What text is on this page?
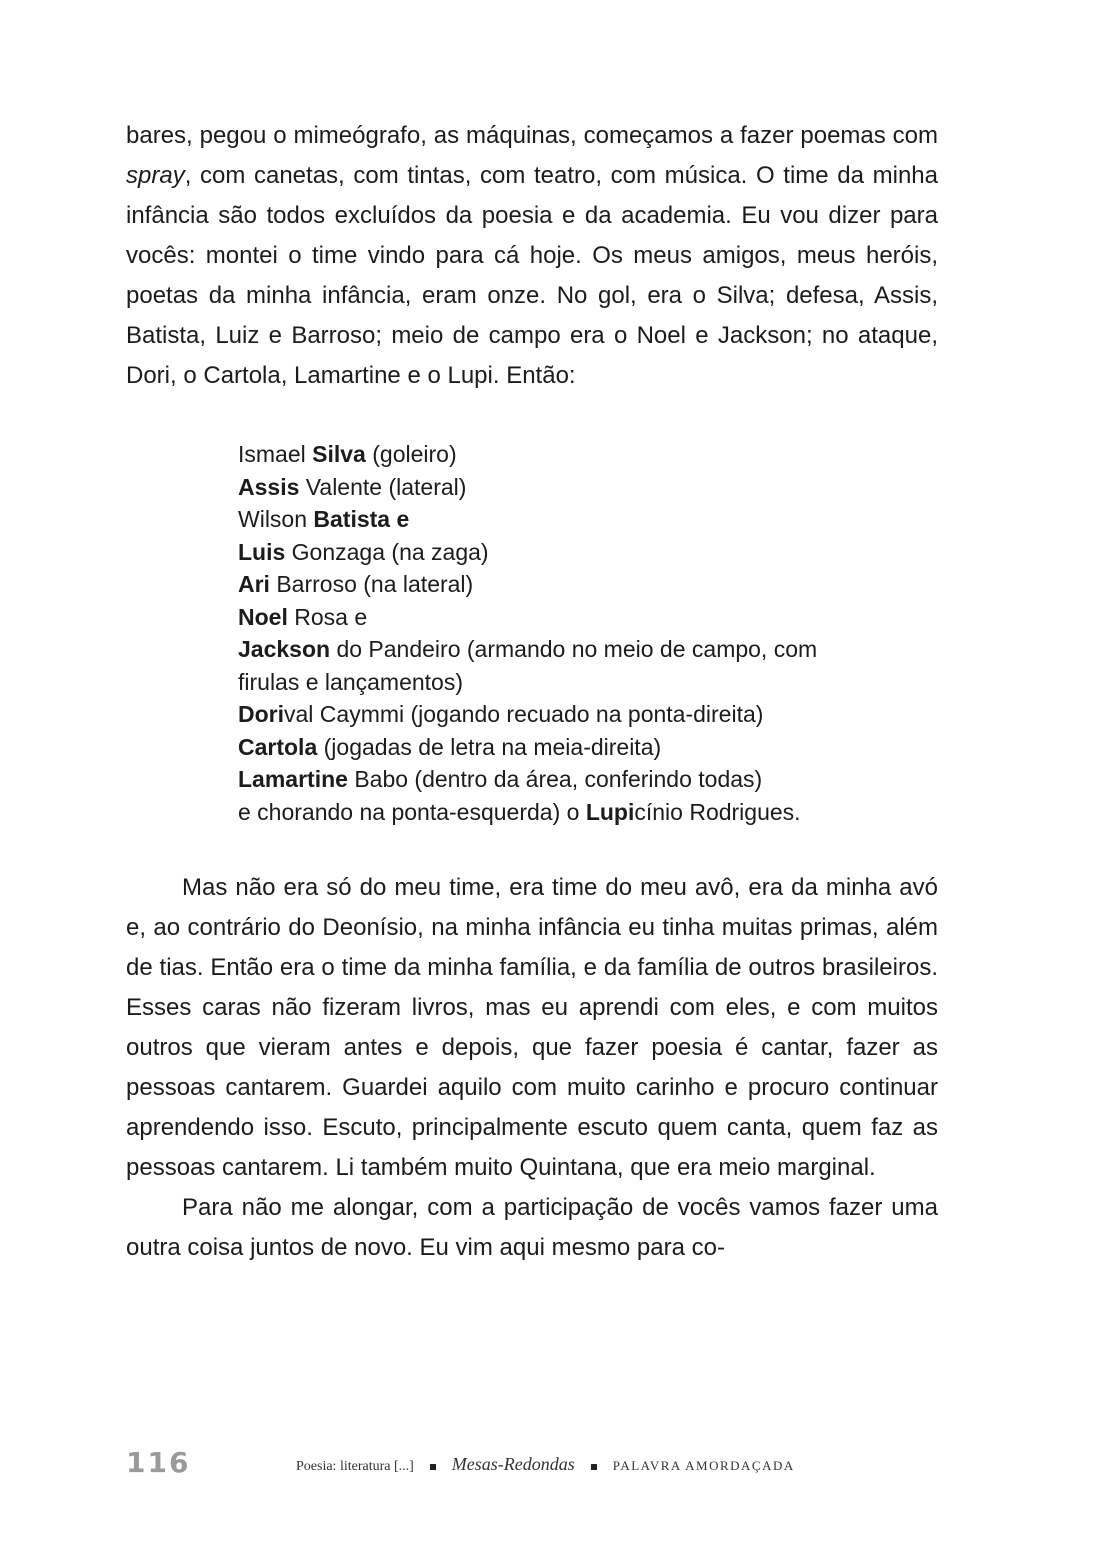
bares, pegou o mimeógrafo, as máquinas, começamos a fazer poemas com spray, com canetas, com tintas, com teatro, com música. O time da minha infância são todos excluídos da poesia e da academia. Eu vou dizer para vocês: montei o time vindo para cá hoje. Os meus amigos, meus heróis, poetas da minha infância, eram onze. No gol, era o Silva; defesa, Assis, Batista, Luiz e Barroso; meio de campo era o Noel e Jackson; no ataque, Dori, o Cartola, Lamartine e o Lupi. Então:

Ismael Silva (goleiro)

Assis Valente (lateral)

Wilson Batista e

Luis Gonzaga (na zaga)

Ari Barroso (na lateral)

Noel Rosa e

Jackson do Pandeiro (armando no meio de campo, com

firulas e lançamentos)

Dorival Caymmi (jogando recuado na ponta-direita)

Cartola (jogadas de letra na meia-direita)

Lamartine Babo (dentro da área, conferindo todas)

e chorando na ponta-esquerda) o Lupicínio Rodrigues.

Mas não era só do meu time, era time do meu avô, era da minha avó e, ao contrário do Deonísio, na minha infância eu tinha muitas primas, além de tias. Então era o time da minha família, e da família de outros brasileiros. Esses caras não fizeram livros, mas eu aprendi com eles, e com muitos outros que vieram antes e depois, que fazer poesia é cantar, fazer as pessoas cantarem. Guardei aquilo com muito carinho e procuro continuar aprendendo isso. Escuto, principalmente escuto quem canta, quem faz as pessoas cantarem. Li também muito Quintana, que era meio marginal.

Para não me alongar, com a participação de vocês vamos fazer uma outra coisa juntos de novo. Eu vim aqui mesmo para co-

116	Poesia: literatura [...] Mesas-Redondas	PALAVRA AMORDAÇADA
